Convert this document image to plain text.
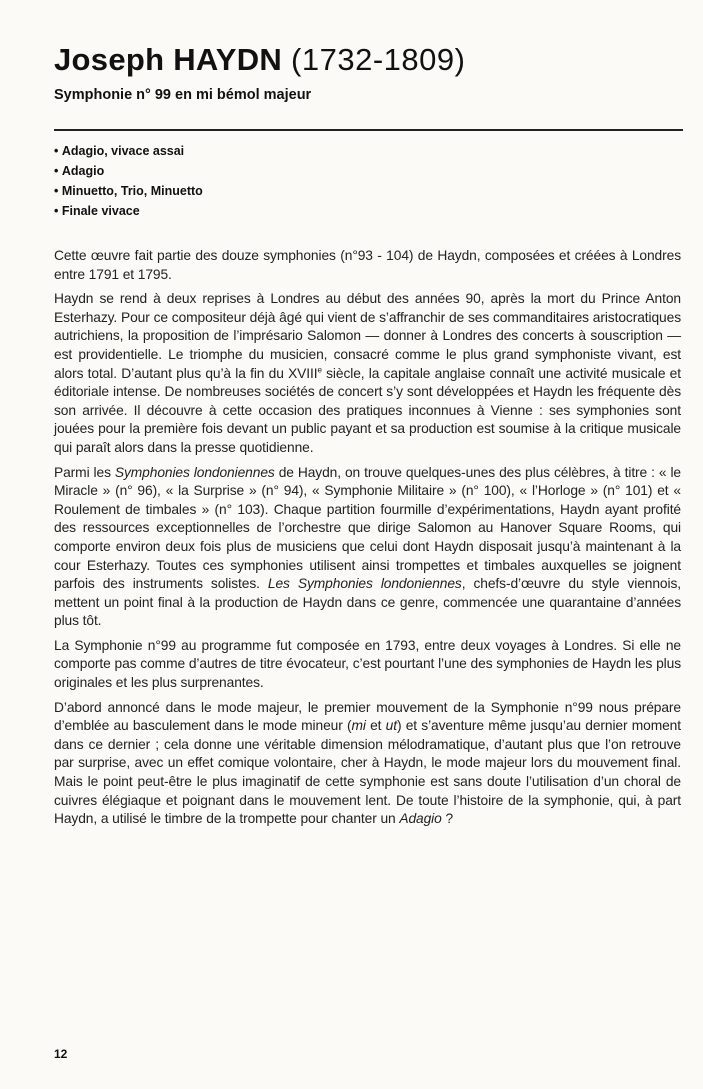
Joseph HAYDN (1732-1809)
Symphonie n° 99 en mi bémol majeur
• Adagio, vivace assai
• Adagio
• Minuetto, Trio, Minuetto
• Finale vivace

Cette œuvre fait partie des douze symphonies (n°93 - 104) de Haydn, composées et créées à Londres entre 1791 et 1795.

Haydn se rend à deux reprises à Londres au début des années 90, après la mort du Prince Anton Esterhazy. Pour ce compositeur déjà âgé qui vient de s’affranchir de ses commanditaires aristocratiques autrichiens, la proposition de l’imprésario Salomon — donner à Londres des concerts à souscription — est providentielle. Le triomphe du musicien, consacré comme le plus grand symphoniste vivant, est alors total. D’autant plus qu’à la fin du XVIIIe siècle, la capitale anglaise connaît une activité musicale et éditoriale intense. De nombreuses sociétés de concert s’y sont développées et Haydn les fréquente dès son arrivée. Il découvre à cette occasion des pratiques inconnues à Vienne : ses symphonies sont jouées pour la première fois devant un public payant et sa production est soumise à la critique musicale qui paraît alors dans la presse quotidienne.

Parmi les Symphonies londoniennes de Haydn, on trouve quelques-unes des plus célèbres, à titre : « le Miracle » (n° 96), « la Surprise » (n° 94), « Symphonie Militaire » (n° 100), « l’Horloge » (n° 101) et « Roulement de timbales » (n° 103). Chaque partition fourmille d’expérimentations, Haydn ayant profité des ressources exceptionnelles de l’orchestre que dirige Salomon au Hanover Square Rooms, qui comporte environ deux fois plus de musiciens que celui dont Haydn disposait jusqu’à maintenant à la cour Esterhazy. Toutes ces symphonies utilisent ainsi trompettes et timbales auxquelles se joignent parfois des instruments solistes. Les Symphonies londoniennes, chefs-d’œuvre du style viennois, mettent un point final à la production de Haydn dans ce genre, commencée une quarantaine d’années plus tôt.

La Symphonie n°99 au programme fut composée en 1793, entre deux voyages à Londres. Si elle ne comporte pas comme d’autres de titre évocateur, c’est pourtant l’une des symphonies de Haydn les plus originales et les plus surprenantes.

D’abord annoncé dans le mode majeur, le premier mouvement de la Symphonie n°99 nous prépare d’emblée au basculement dans le mode mineur (mi et ut) et s’aventure même jusqu’au dernier moment dans ce dernier ; cela donne une véritable dimension mélodramatique, d’autant plus que l’on retrouve par surprise, avec un effet comique volontaire, cher à Haydn, le mode majeur lors du mouvement final. Mais le point peut-être le plus imaginatif de cette symphonie est sans doute l’utilisation d’un choral de cuivres élégiaque et poignant dans le mouvement lent. De toute l’histoire de la symphonie, qui, à part Haydn, a utilisé le timbre de la trompette pour chanter un Adagio ?

12
